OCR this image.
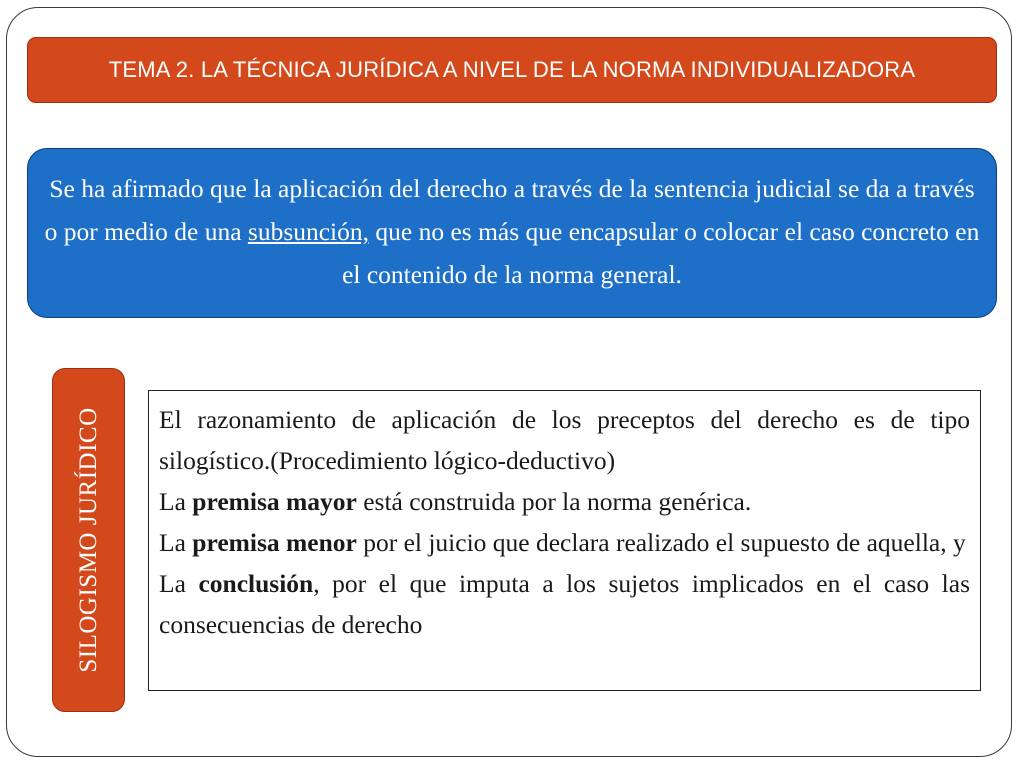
TEMA 2. LA TÉCNICA JURÍDICA A NIVEL DE LA NORMA INDIVIDUALIZADORA
Se ha afirmado que la aplicación del derecho a través de la sentencia judicial se da a través o por medio de una subsunción, que no es más que encapsular o colocar el caso concreto en el contenido de la norma general.
SILOGISMO JURÍDICO El razonamiento de aplicación de los preceptos del derecho es de tipo silogístico.(Procedimiento lógico-deductivo)

La premisa mayor está construida por la norma genérica.

La premisa menor por el juicio que declara realizado el supuesto de aquella, y

La conclusión, por el que imputa a los sujetos implicados en el caso las consecuencias de derecho
